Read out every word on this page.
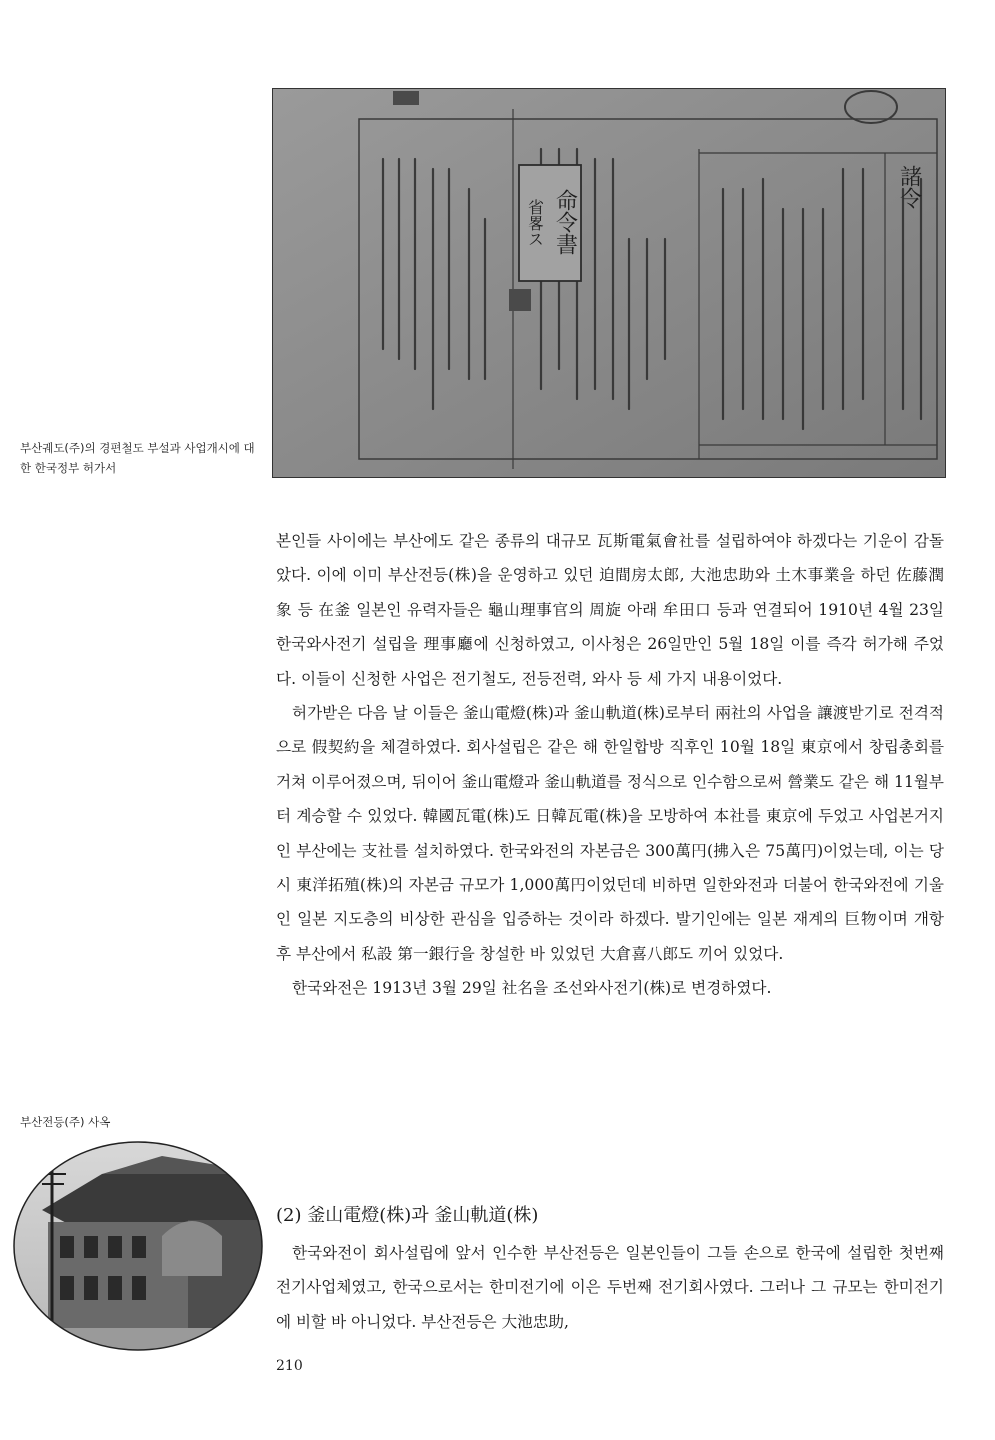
命令書
省畧ス
諸令
부산궤도(주)의 경편철도 부설과 사업개시에 대한 한국정부 허가서

본인들 사이에는 부산에도 같은 종류의 대규모 瓦斯電氣會社를 설립하여야 하겠다는 기운이 감돌았다. 이에 이미 부산전등(株)을 운영하고 있던 迫間房太郎, 大池忠助와 土木事業을 하던 佐藤潤象 등 在釜 일본인 유력자들은 龜山理事官의 周旋 아래 牟田口 등과 연결되어 1910년 4월 23일 한국와사전기 설립을 理事廳에 신청하였고, 이사청은 26일만인 5월 18일 이를 즉각 허가해 주었다. 이들이 신청한 사업은 전기철도, 전등전력, 와사 등 세 가지 내용이었다.

허가받은 다음 날 이들은 釜山電燈(株)과 釜山軌道(株)로부터 兩社의 사업을 讓渡받기로 전격적으로 假契約을 체결하였다. 회사설립은 같은 해 한일합방 직후인 10월 18일 東京에서 창립총회를 거쳐 이루어졌으며, 뒤이어 釜山電燈과 釜山軌道를 정식으로 인수함으로써 營業도 같은 해 11월부터 계승할 수 있었다. 韓國瓦電(株)도 日韓瓦電(株)을 모방하여 本社를 東京에 두었고 사업본거지인 부산에는 支社를 설치하였다. 한국와전의 자본금은 300萬円(拂入은 75萬円)이었는데, 이는 당시 東洋拓殖(株)의 자본금 규모가 1,000萬円이었던데 비하면 일한와전과 더불어 한국와전에 기울인 일본 지도층의 비상한 관심을 입증하는 것이라 하겠다. 발기인에는 일본 재계의 巨物이며 개항 후 부산에서 私設 第一銀行을 창설한 바 있었던 大倉喜八郎도 끼어 있었다.

한국와전은 1913년 3월 29일 社名을 조선와사전기(株)로 변경하였다.

부산전등(주) 사옥
(2) 釜山電燈(株)과 釜山軌道(株)

한국와전이 회사설립에 앞서 인수한 부산전등은 일본인들이 그들 손으로 한국에 설립한 첫번째 전기사업체였고, 한국으로서는 한미전기에 이은 두번째 전기회사였다. 그러나 그 규모는 한미전기에 비할 바 아니었다. 부산전등은 大池忠助,

210
